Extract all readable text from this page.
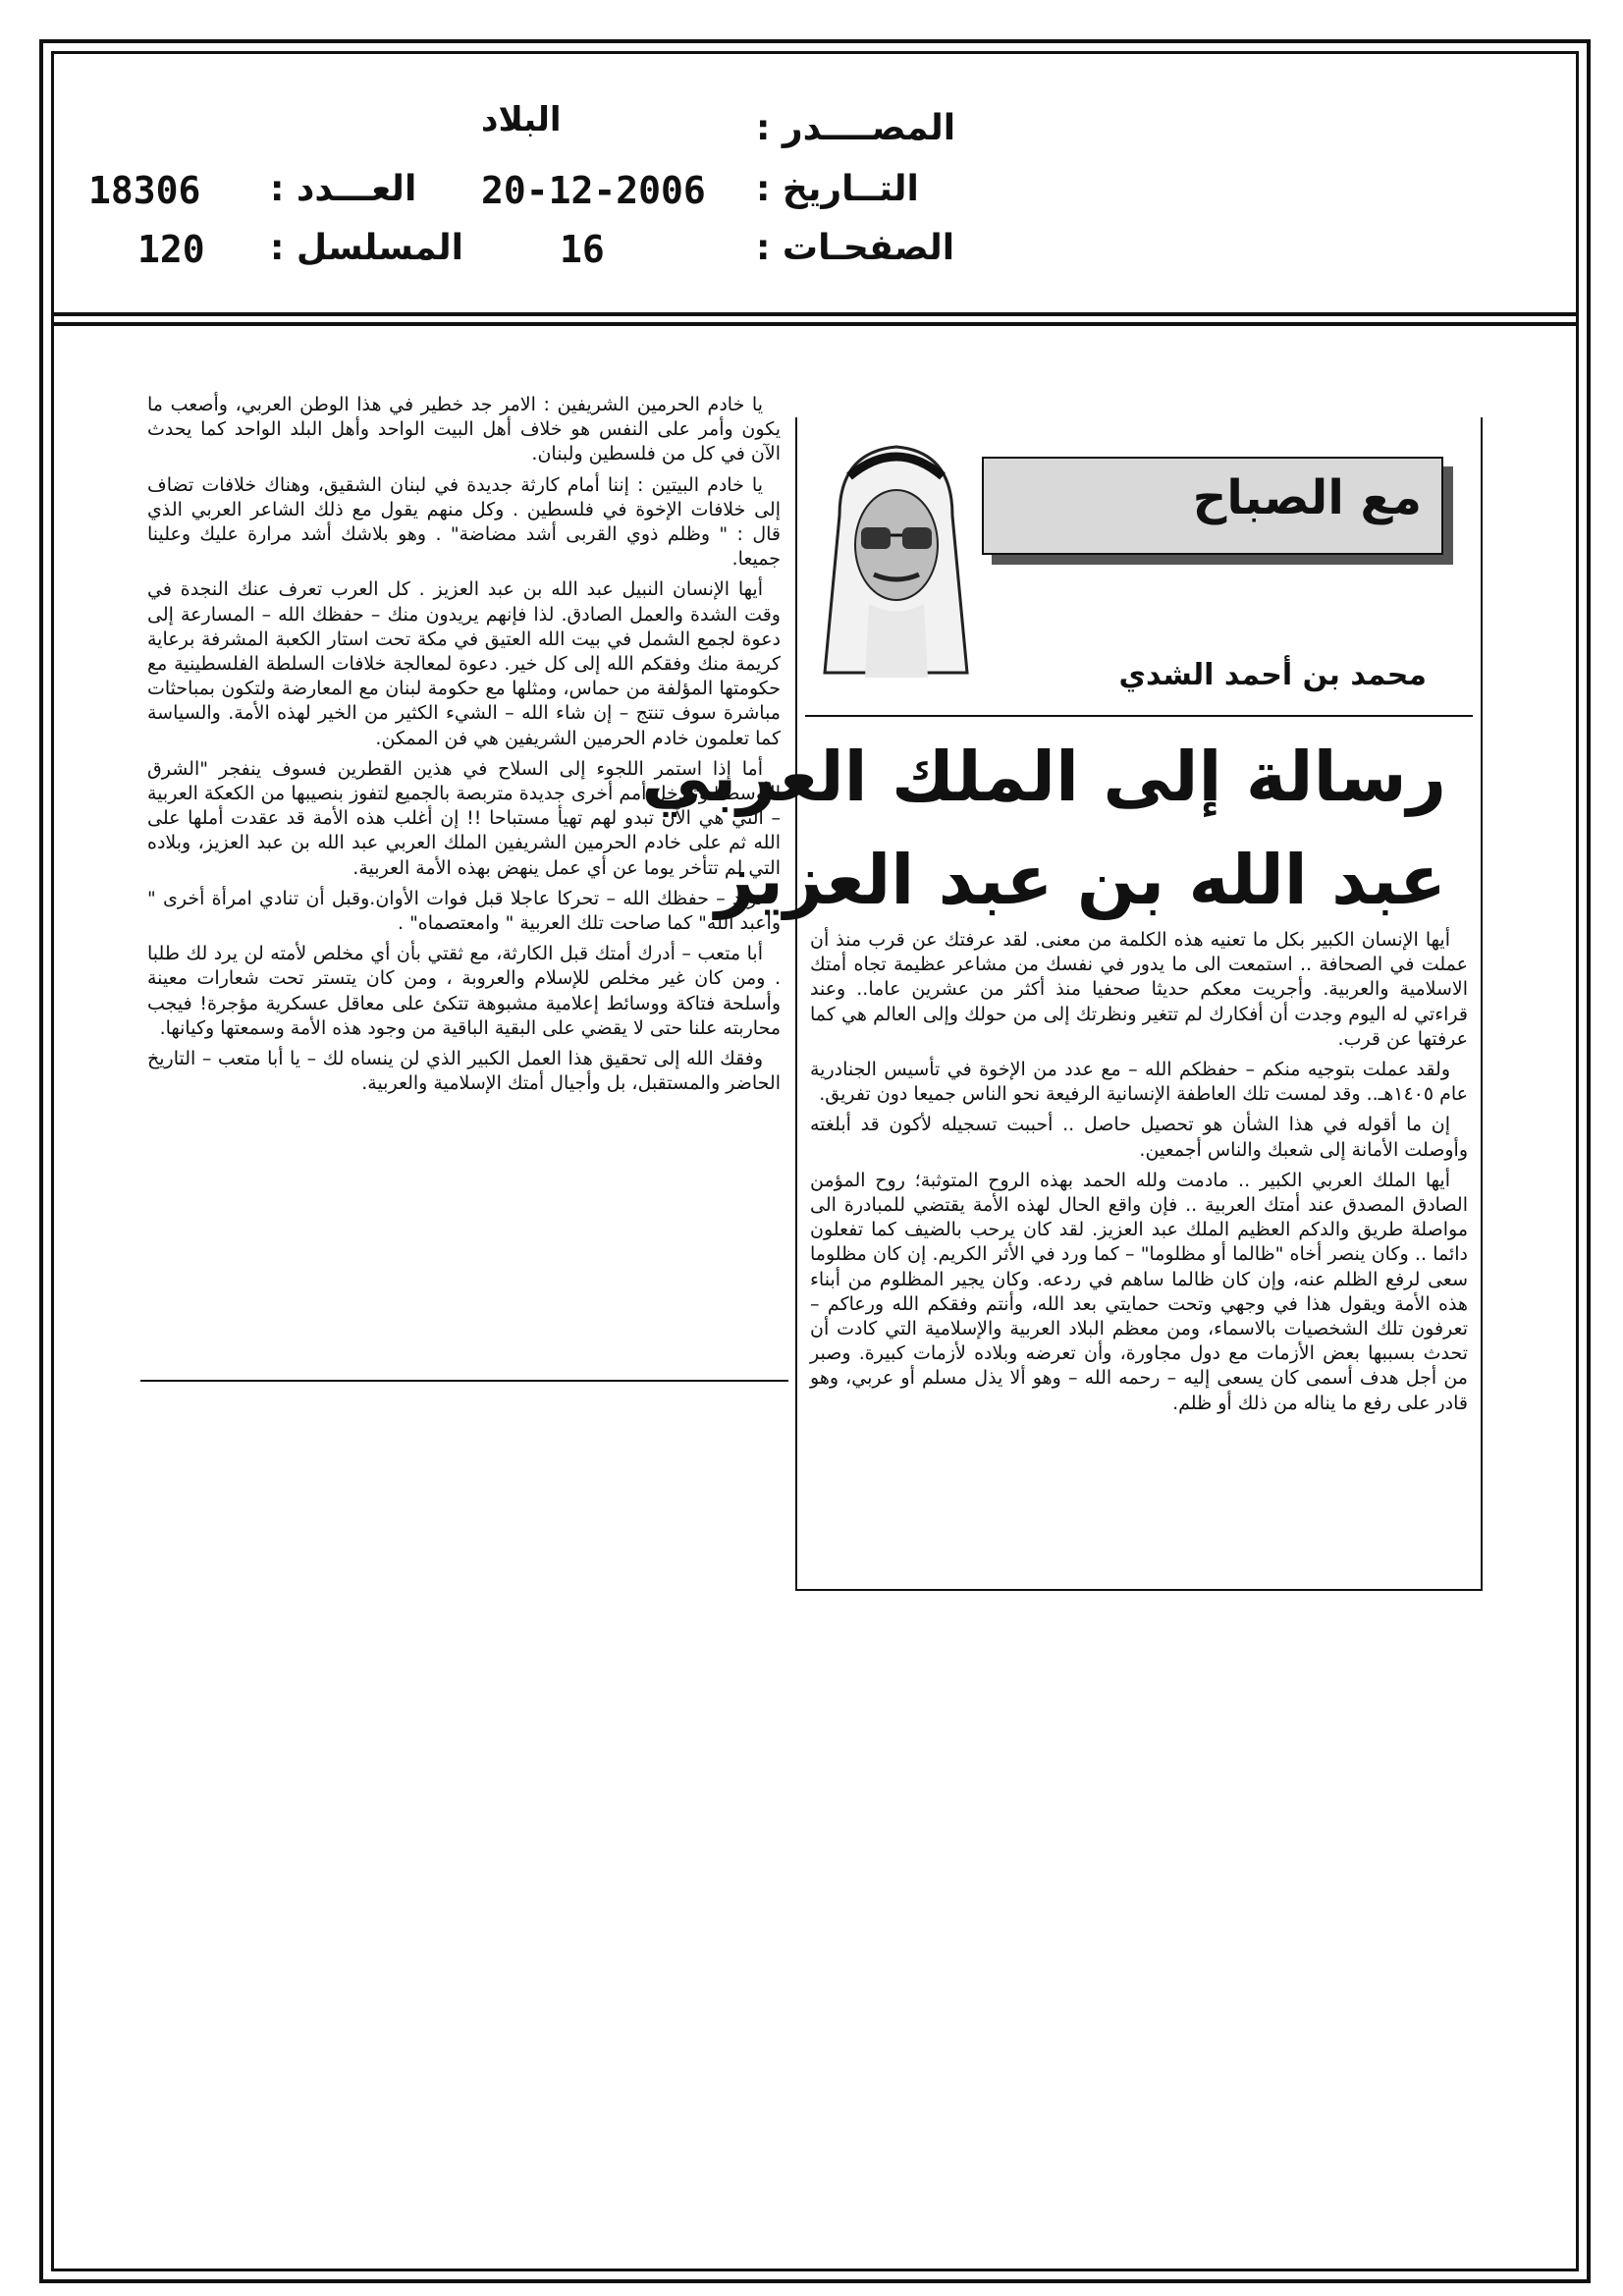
المصــــدر :
البلاد
التــاريخ :
20-12-2006
الصفحـات :
16
العـــدد :
18306
المسلسل :
120
مع الصباح
محمد بن أحمد الشدي
رسالة إلى الملك العربي
عبد الله بن عبد العزيز

أيها الإنسان الكبير بكل ما تعنيه هذه الكلمة من معنى. لقد عرفتك عن قرب منذ أن عملت في الصحافة .. استمعت الى ما يدور في نفسك من مشاعر عظيمة تجاه أمتك الاسلامية والعربية. وأجريت معكم حديثا صحفيا منذ أكثر من عشرين عاما.. وعند قراءتي له اليوم وجدت أن أفكارك لم تتغير ونظرتك إلى من حولك وإلى العالم هي كما عرفتها عن قرب.

ولقد عملت بتوجيه منكم – حفظكم الله – مع عدد من الإخوة في تأسيس الجنادرية عام ١٤٠٥هـ.. وقد لمست تلك العاطفة الإنسانية الرفيعة نحو الناس جميعا دون تفريق.

إن ما أقوله في هذا الشأن هو تحصيل حاصل .. أحببت تسجيله لأكون قد أبلغته وأوصلت الأمانة إلى شعبك والناس أجمعين.

أيها الملك العربي الكبير .. مادمت ولله الحمد بهذه الروح المتوثبة؛ روح المؤمن الصادق المصدق عند أمتك العربية .. فإن واقع الحال لهذه الأمة يقتضي للمبادرة الى مواصلة طريق والدكم العظيم الملك عبد العزيز. لقد كان يرحب بالضيف كما تفعلون دائما .. وكان ينصر أخاه "ظالما أو مظلوما" – كما ورد في الأثر الكريم. إن كان مظلوما سعى لرفع الظلم عنه، وإن كان ظالما ساهم في ردعه. وكان يجير المظلوم من أبناء هذه الأمة ويقول هذا في وجهي وتحت حمايتي بعد الله، وأنتم وفقكم الله ورعاكم – تعرفون تلك الشخصيات بالاسماء، ومن معظم البلاد العربية والإسلامية التي كادت أن تحدث بسببها بعض الأزمات مع دول مجاورة، وأن تعرضه وبلاده لأزمات كبيرة. وصبر من أجل هدف أسمى كان يسعى إليه – رحمه الله – وهو ألا يذل مسلم أو عربي، وهو قادر على رفع ما يناله من ذلك أو ظلم.

يا خادم الحرمين الشريفين : الامر جد خطير في هذا الوطن العربي، وأصعب ما يكون وأمر على النفس هو خلاف أهل البيت الواحد وأهل البلد الواحد كما يحدث الآن في كل من فلسطين ولبنان.

يا خادم البيتين : إننا أمام كارثة جديدة في لبنان الشقيق، وهناك خلافات تضاف إلى خلافات الإخوة في فلسطين . وكل منهم يقول مع ذلك الشاعر العربي الذي قال : " وظلم ذوي القربى أشد مضاضة" . وهو بلاشك أشد مرارة عليك وعلينا جميعا.

أيها الإنسان النبيل عبد الله بن عبد العزيز . كل العرب تعرف عنك النجدة في وقت الشدة والعمل الصادق. لذا فإنهم يريدون منك – حفظك الله – المسارعة إلى دعوة لجمع الشمل في بيت الله العتيق في مكة تحت استار الكعبة المشرفة برعاية كريمة منك وفقكم الله إلى كل خير. دعوة لمعالجة خلافات السلطة الفلسطينية مع حكومتها المؤلفة من حماس، ومثلها مع حكومة لبنان مع المعارضة ولتكون بمباحثات مباشرة سوف تنتج – إن شاء الله – الشيء الكثير من الخير لهذه الأمة. والسياسة كما تعلمون خادم الحرمين الشريفين هي فن الممكن.

أما إذا استمر اللجوء إلى السلاح في هذين القطرين فسوف ينفجر "الشرق الأوسط" وتتدخل أمم أخرى جديدة متربصة بالجميع لتفوز بنصيبها من الكعكة العربية – التي هي الآن تبدو لهم تهيأ مستباحا !! إن أغلب هذه الأمة قد عقدت أملها على الله ثم على خادم الحرمين الشريفين الملك العربي عبد الله بن عبد العزيز، وبلاده التي لم تتأخر يوما عن أي عمل ينهض بهذه الأمة العربية.

نريد – حفظك الله – تحركا عاجلا قبل فوات الأوان.وقبل أن تنادي امرأة أخرى " واعبد الله" كما صاحت تلك العربية " وامعتصماه" .

أبا متعب – أدرك أمتك قبل الكارثة، مع ثقتي بأن أي مخلص لأمته لن يرد لك طلبا . ومن كان غير مخلص للإسلام والعروبة ، ومن كان يتستر تحت شعارات معينة وأسلحة فتاكة ووسائط إعلامية مشبوهة تتكئ على معاقل عسكرية مؤجرة! فيجب محاربته علنا حتى لا يقضي على البقية الباقية من وجود هذه الأمة وسمعتها وكيانها.

وفقك الله إلى تحقيق هذا العمل الكبير الذي لن ينساه لك – يا أبا متعب – التاريخ الحاضر والمستقبل، بل وأجيال أمتك الإسلامية والعربية.
